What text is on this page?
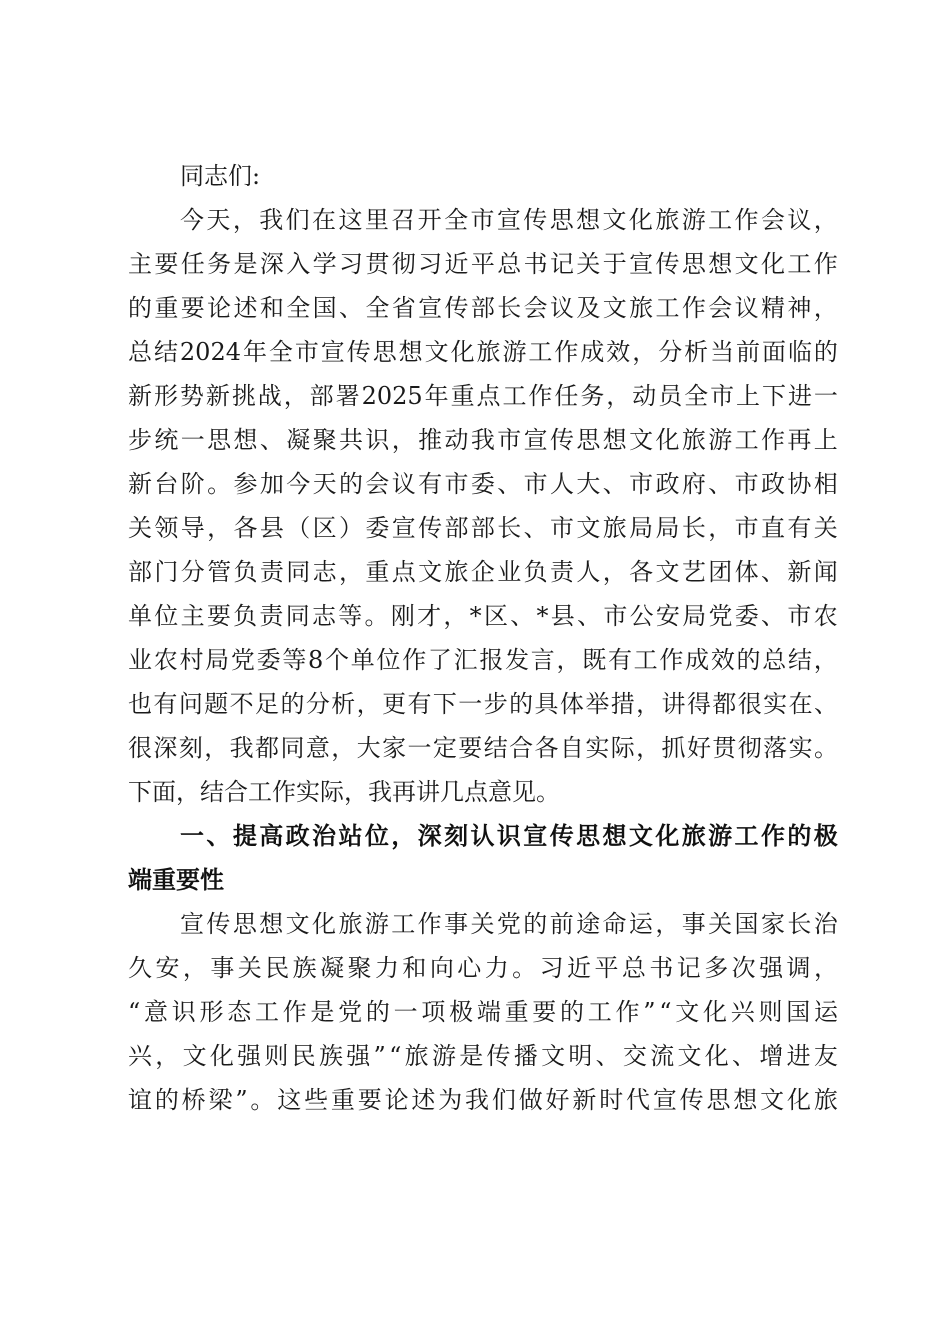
同志们:
今 天 ， 我 们 在 这 里 召 开 全 市 宣 传 思 想 文 化 旅 游 工 作 会 议 ，
主 要 任 务 是 深 入 学 习 贯 彻 习 近 平 总 书 记 关 于 宣 传 思 想 文 化 工 作
的 重 要 论 述 和 全 国 、 全 省 宣 传 部 长 会 议 及 文 旅 工 作 会 议 精 神 ，
总 结 2024 年 全 市 宣 传 思 想 文 化 旅 游 工 作 成 效 ， 分 析 当 前 面 临 的
新 形 势 新 挑 战 ， 部 署 2025 年 重 点 工 作 任 务 ， 动 员 全 市 上 下 进 一
步 统 一 思 想 、 凝 聚 共 识 ， 推 动 我 市 宣 传 思 想 文 化 旅 游 工 作 再 上
新 台 阶 。 参 加 今 天 的 会 议 有 市 委 、 市 人 大 、 市 政 府 、 市 政 协 相
关 领 导 ， 各 县 （ 区 ） 委 宣 传 部 部 长 、 市 文 旅 局 局 长 ， 市 直 有 关
部 门 分 管 负 责 同 志 ， 重 点 文 旅 企 业 负 责 人 ， 各 文 艺 团 体 、 新 闻
单 位 主 要 负 责 同 志 等 。 刚 才 ， * 区 、 * 县 、 市 公 安 局 党 委 、 市 农
业 农 村 局 党 委 等 8 个 单 位 作 了 汇 报 发 言 ， 既 有 工 作 成 效 的 总 结 ，
也 有 问 题 不 足 的 分 析 ， 更 有 下 一 步 的 具 体 举 措 ， 讲 得 都 很 实 在 、
很 深 刻 ， 我 都 同 意 ， 大 家 一 定 要 结 合 各 自 实 际 ， 抓 好 贯 彻 落 实 。
下面，结合工作实际，我再讲几点意见。
一 、 提 高 政 治 站 位 ， 深 刻 认 识 宣 传 思 想 文 化 旅 游 工 作 的 极
端重要性
宣 传 思 想 文 化 旅 游 工 作 事 关 党 的 前 途 命 运 ， 事 关 国 家 长 治
久 安 ， 事 关 民 族 凝 聚 力 和 向 心 力 。 习 近 平 总 书 记 多 次 强 调 ，
“ 意 识 形 态 工 作 是 党 的 一 项 极 端 重 要 的 工 作 ” “ 文 化 兴 则 国 运
兴 ， 文 化 强 则 民 族 强 ” “ 旅 游 是 传 播 文 明 、 交 流 文 化 、 增 进 友
谊 的 桥 梁 ” 。 这 些 重 要 论 述 为 我 们 做 好 新 时 代 宣 传 思 想 文 化 旅
